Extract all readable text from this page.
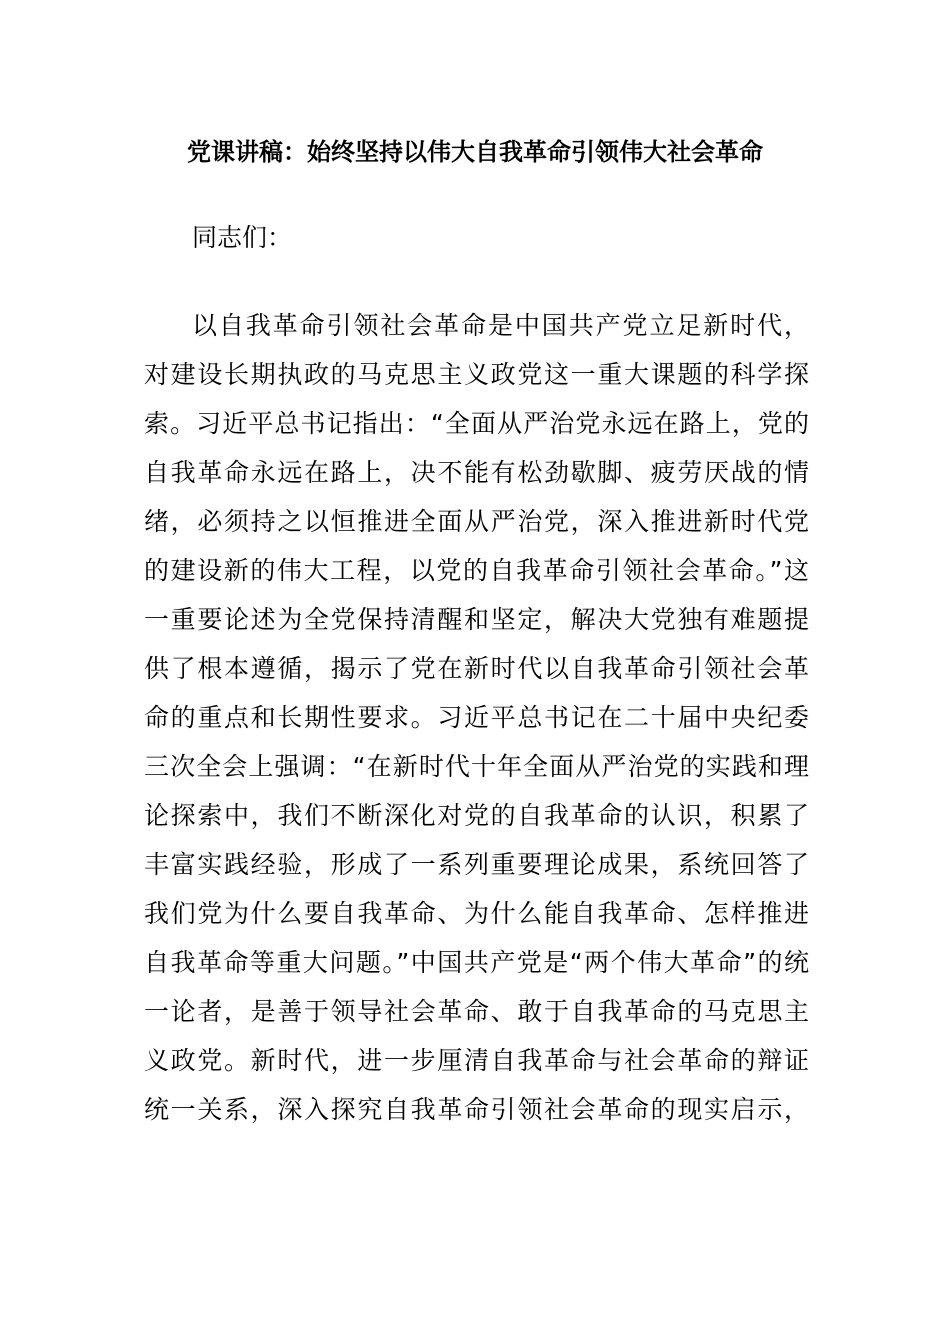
党课讲稿：始终坚持以伟大自我革命引领伟大社会革命
同志们：
以自我革命引领社会革命是中国共产党立足新时代，
对建设长期执政的马克思主义政党这一重大课题的科学探
索。习近平总书记指出：“全面从严治党永远在路上，党的
自我革命永远在路上，决不能有松劲歇脚、疲劳厌战的情
绪，必须持之以恒推进全面从严治党，深入推进新时代党
的建设新的伟大工程，以党的自我革命引领社会革命。”这
一重要论述为全党保持清醒和坚定，解决大党独有难题提
供了根本遵循，揭示了党在新时代以自我革命引领社会革
命的重点和长期性要求。习近平总书记在二十届中央纪委
三次全会上强调：“在新时代十年全面从严治党的实践和理
论探索中，我们不断深化对党的自我革命的认识，积累了
丰富实践经验，形成了一系列重要理论成果，系统回答了
我们党为什么要自我革命、为什么能自我革命、怎样推进
自我革命等重大问题。”中国共产党是“两个伟大革命”的统
一论者，是善于领导社会革命、敢于自我革命的马克思主
义政党。新时代，进一步厘清自我革命与社会革命的辩证
统一关系，深入探究自我革命引领社会革命的现实启示，
